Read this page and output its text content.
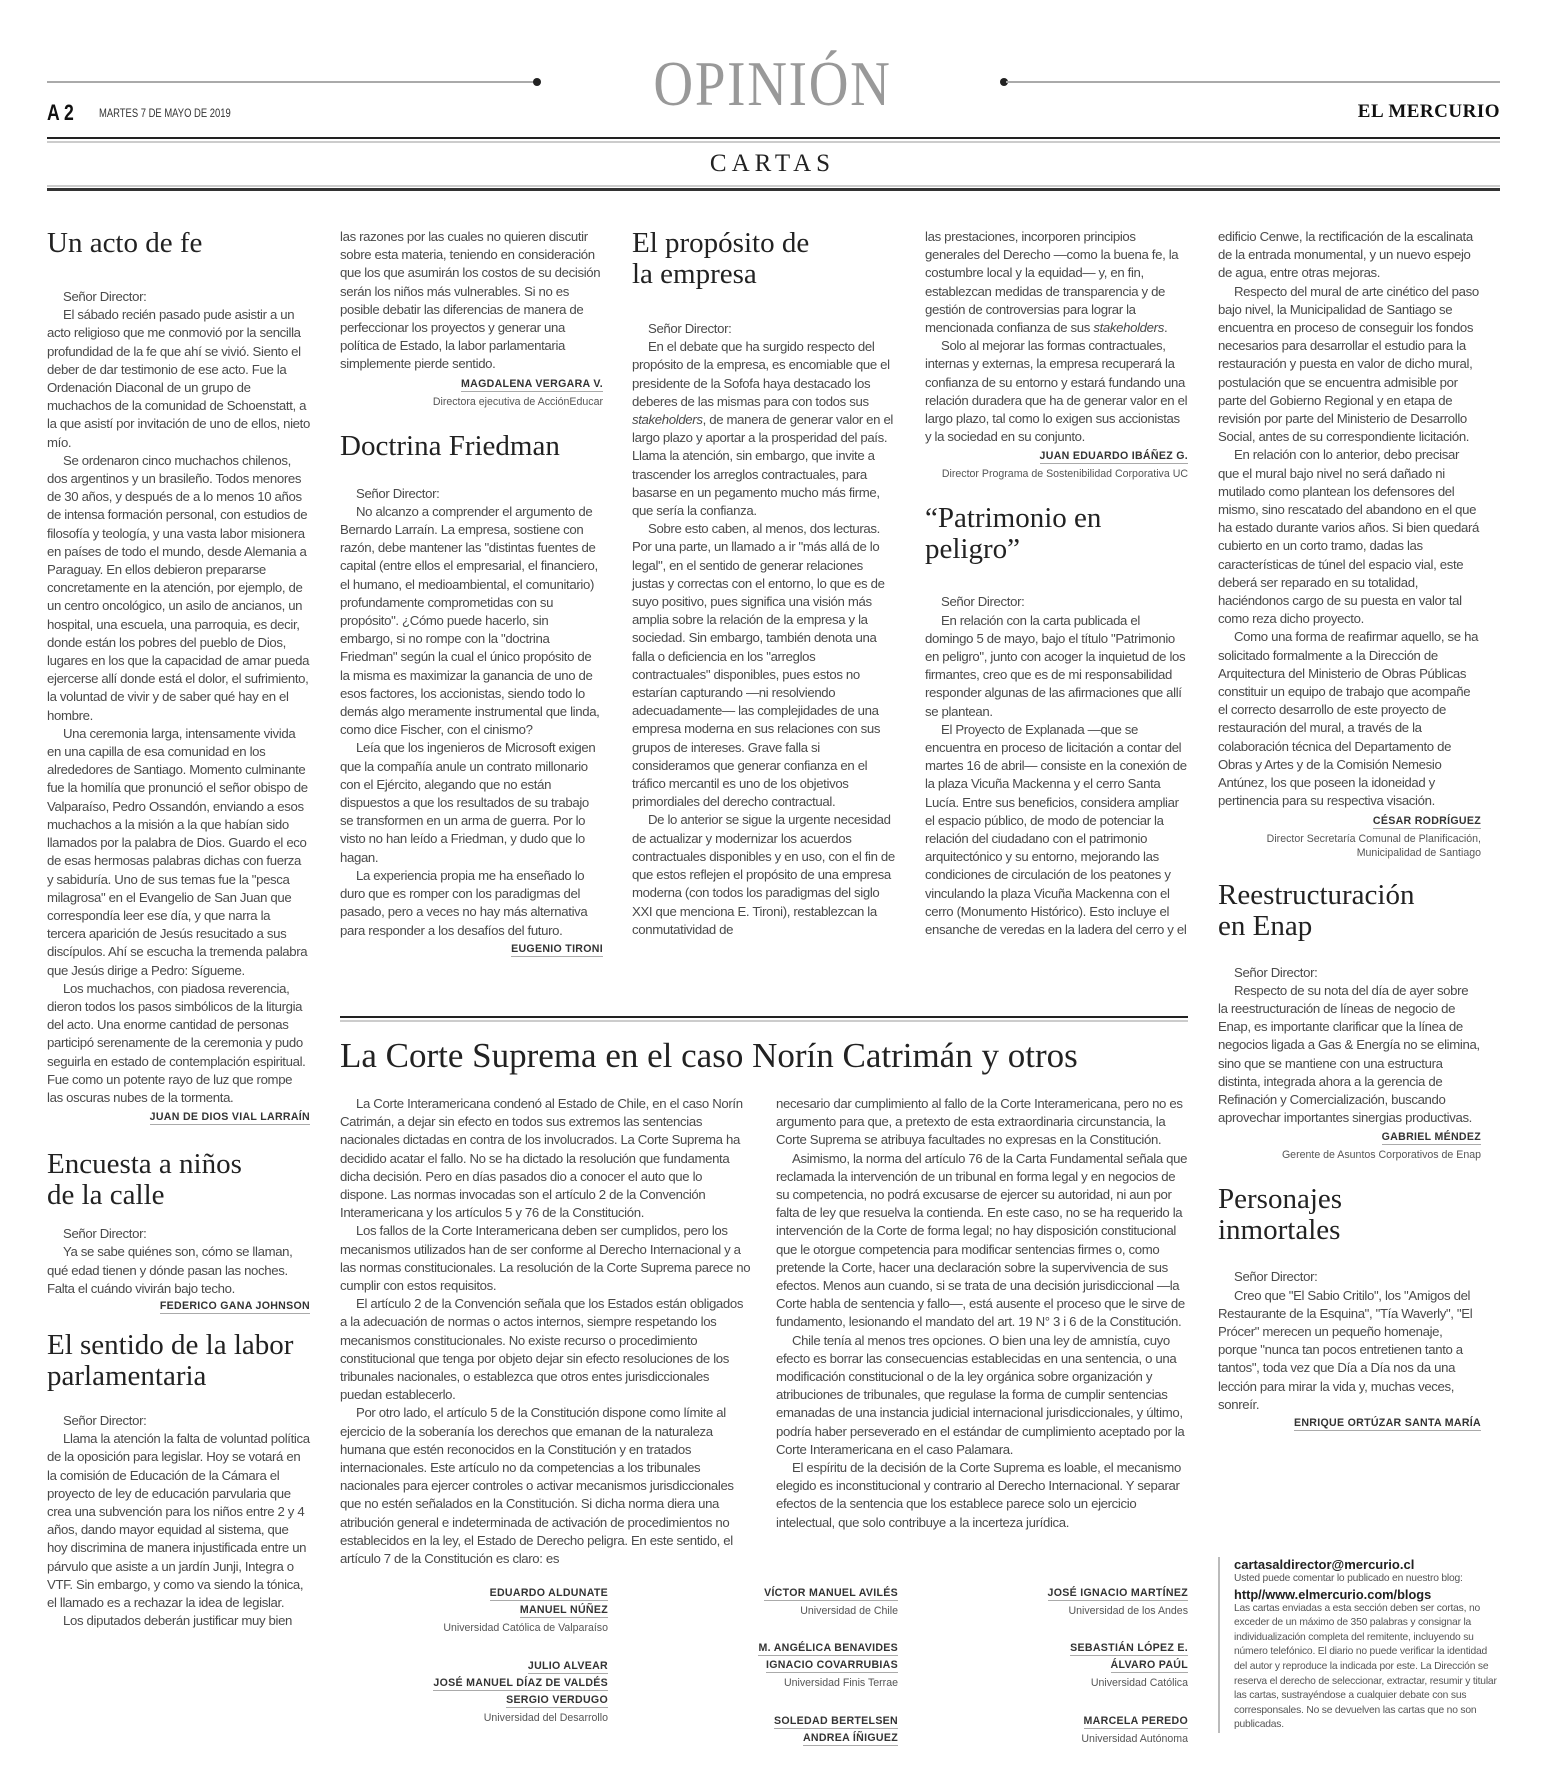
OPINIÓN
A 2 MARTES 7 DE MAYO DE 2019	EL MERCURIO
CARTAS
Un acto de fe

Señor Director:

El sábado recién pasado pude asistir a un acto religioso que me conmovió por la sencilla profundidad de la fe que ahí se vivió. Siento el deber de dar testimonio de ese acto. Fue la Ordenación Diaconal de un grupo de muchachos de la comunidad de Schoenstatt, a la que asistí por invitación de uno de ellos, nieto mío.

Se ordenaron cinco muchachos chilenos, dos argentinos y un brasileño. Todos menores de 30 años, y después de a lo menos 10 años de intensa formación personal, con estudios de filosofía y teología, y una vasta labor misionera en países de todo el mundo, desde Alemania a Paraguay. En ellos debieron prepararse concretamente en la atención, por ejemplo, de un centro oncológico, un asilo de ancianos, un hospital, una escuela, una parroquia, es decir, donde están los pobres del pueblo de Dios, lugares en los que la capacidad de amar pueda ejercerse allí donde está el dolor, el sufrimiento, la voluntad de vivir y de saber qué hay en el hombre.

Una ceremonia larga, intensamente vivida en una capilla de esa comunidad en los alrededores de Santiago. Momento culminante fue la homilía que pronunció el señor obispo de Valparaíso, Pedro Ossandón, enviando a esos muchachos a la misión a la que habían sido llamados por la palabra de Dios. Guardo el eco de esas hermosas palabras dichas con fuerza y sabiduría. Uno de sus temas fue la "pesca milagrosa" en el Evangelio de San Juan que correspondía leer ese día, y que narra la tercera aparición de Jesús resucitado a sus discípulos. Ahí se escucha la tremenda palabra que Jesús dirige a Pedro: Sígueme.

Los muchachos, con piadosa reverencia, dieron todos los pasos simbólicos de la liturgia del acto. Una enorme cantidad de personas participó serenamente de la ceremonia y pudo seguirla en estado de contemplación espiritual. Fue como un potente rayo de luz que rompe las oscuras nubes de la tormenta.

JUAN DE DIOS VIAL LARRAÍN
Encuesta a niños de la calle

Señor Director:

Ya se sabe quiénes son, cómo se llaman, qué edad tienen y dónde pasan las noches. Falta el cuándo vivirán bajo techo.

FEDERICO GANA JOHNSON
El sentido de la labor parlamentaria

Señor Director:

Llama la atención la falta de voluntad política de la oposición para legislar. Hoy se votará en la comisión de Educación de la Cámara el proyecto de ley de educación parvularia que crea una subvención para los niños entre 2 y 4 años, dando mayor equidad al sistema, que hoy discrimina de manera injustificada entre un párvulo que asiste a un jardín Junji, Integra o VTF. Sin embargo, y como va siendo la tónica, el llamado es a rechazar la idea de legislar.

Los diputados deberán justificar muy bien

las razones por las cuales no quieren discutir sobre esta materia, teniendo en consideración que los que asumirán los costos de su decisión serán los niños más vulnerables. Si no es posible debatir las diferencias de manera de perfeccionar los proyectos y generar una política de Estado, la labor parlamentaria simplemente pierde sentido.

MAGDALENA VERGARA V.
Directora ejecutiva de AcciónEducar
Doctrina Friedman

Señor Director:

No alcanzo a comprender el argumento de Bernardo Larraín. La empresa, sostiene con razón, debe mantener las "distintas fuentes de capital (entre ellos el empresarial, el financiero, el humano, el medioambiental, el comunitario) profundamente comprometidas con su propósito". ¿Cómo puede hacerlo, sin embargo, si no rompe con la "doctrina Friedman" según la cual el único propósito de la misma es maximizar la ganancia de uno de esos factores, los accionistas, siendo todo lo demás algo meramente instrumental que linda, como dice Fischer, con el cinismo?

Leía que los ingenieros de Microsoft exigen que la compañía anule un contrato millonario con el Ejército, alegando que no están dispuestos a que los resultados de su trabajo se transformen en un arma de guerra. Por lo visto no han leído a Friedman, y dudo que lo hagan.

La experiencia propia me ha enseñado lo duro que es romper con los paradigmas del pasado, pero a veces no hay más alternativa para responder a los desafíos del futuro.

EUGENIO TIRONI
El propósito de la empresa

Señor Director:

En el debate que ha surgido respecto del propósito de la empresa, es encomiable que el presidente de la Sofofa haya destacado los deberes de las mismas para con todos sus stakeholders, de manera de generar valor en el largo plazo y aportar a la prosperidad del país. Llama la atención, sin embargo, que invite a trascender los arreglos contractuales, para basarse en un pegamento mucho más firme, que sería la confianza.

Sobre esto caben, al menos, dos lecturas. Por una parte, un llamado a ir "más allá de lo legal", en el sentido de generar relaciones justas y correctas con el entorno, lo que es de suyo positivo, pues significa una visión más amplia sobre la relación de la empresa y la sociedad. Sin embargo, también denota una falla o deficiencia en los "arreglos contractuales" disponibles, pues estos no estarían capturando —ni resolviendo adecuadamente— las complejidades de una empresa moderna en sus relaciones con sus grupos de intereses. Grave falla si consideramos que generar confianza en el tráfico mercantil es uno de los objetivos primordiales del derecho contractual.

De lo anterior se sigue la urgente necesidad de actualizar y modernizar los acuerdos contractuales disponibles y en uso, con el fin de que estos reflejen el propósito de una empresa moderna (con todos los paradigmas del siglo XXI que menciona E. Tironi), restablezcan la conmutatividad de

las prestaciones, incorporen principios generales del Derecho —como la buena fe, la costumbre local y la equidad— y, en fin, establezcan medidas de transparencia y de gestión de controversias para lograr la mencionada confianza de sus stakeholders.

Solo al mejorar las formas contractuales, internas y externas, la empresa recuperará la confianza de su entorno y estará fundando una relación duradera que ha de generar valor en el largo plazo, tal como lo exigen sus accionistas y la sociedad en su conjunto.

JUAN EDUARDO IBÁÑEZ G.
Director Programa de Sostenibilidad Corporativa UC
“Patrimonio en peligro”

Señor Director:

En relación con la carta publicada el domingo 5 de mayo, bajo el título "Patrimonio en peligro", junto con acoger la inquietud de los firmantes, creo que es de mi responsabilidad responder algunas de las afirmaciones que allí se plantean.

El Proyecto de Explanada —que se encuentra en proceso de licitación a contar del martes 16 de abril— consiste en la conexión de la plaza Vicuña Mackenna y el cerro Santa Lucía. Entre sus beneficios, considera ampliar el espacio público, de modo de potenciar la relación del ciudadano con el patrimonio arquitectónico y su entorno, mejorando las condiciones de circulación de los peatones y vinculando la plaza Vicuña Mackenna con el cerro (Monumento Histórico). Esto incluye el ensanche de veredas en la ladera del cerro y el

edificio Cenwe, la rectificación de la escalinata de la entrada monumental, y un nuevo espejo de agua, entre otras mejoras.

Respecto del mural de arte cinético del paso bajo nivel, la Municipalidad de Santiago se encuentra en proceso de conseguir los fondos necesarios para desarrollar el estudio para la restauración y puesta en valor de dicho mural, postulación que se encuentra admisible por parte del Gobierno Regional y en etapa de revisión por parte del Ministerio de Desarrollo Social, antes de su correspondiente licitación.

En relación con lo anterior, debo precisar que el mural bajo nivel no será dañado ni mutilado como plantean los defensores del mismo, sino rescatado del abandono en el que ha estado durante varios años. Si bien quedará cubierto en un corto tramo, dadas las características de túnel del espacio vial, este deberá ser reparado en su totalidad, haciéndonos cargo de su puesta en valor tal como reza dicho proyecto.

Como una forma de reafirmar aquello, se ha solicitado formalmente a la Dirección de Arquitectura del Ministerio de Obras Públicas constituir un equipo de trabajo que acompañe el correcto desarrollo de este proyecto de restauración del mural, a través de la colaboración técnica del Departamento de Obras y Artes y de la Comisión Nemesio Antúnez, los que poseen la idoneidad y pertinencia para su respectiva visación.

CÉSAR RODRÍGUEZ
Director Secretaría Comunal de Planificación,
Municipalidad de Santiago
Reestructuración en Enap

Señor Director:

Respecto de su nota del día de ayer sobre la reestructuración de líneas de negocio de Enap, es importante clarificar que la línea de negocios ligada a Gas & Energía no se elimina, sino que se mantiene con una estructura distinta, integrada ahora a la gerencia de Refinación y Comercialización, buscando aprovechar importantes sinergias productivas.

GABRIEL MÉNDEZ
Gerente de Asuntos Corporativos de Enap
Personajes inmortales

Señor Director:

Creo que "El Sabio Critilo", los "Amigos del Restaurante de la Esquina", "Tía Waverly", "El Prócer" merecen un pequeño homenaje, porque "nunca tan pocos entretienen tanto a tantos", toda vez que Día a Día nos da una lección para mirar la vida y, muchas veces, sonreír.

ENRIQUE ORTÚZAR SANTA MARÍA
cartasaldirector@mercurio.cl
Usted puede comentar lo publicado en nuestro blog:
http//www.elmercurio.com/blogs
Las cartas enviadas a esta sección deben ser cortas, no exceder de un máximo de 350 palabras y consignar la individualización completa del remitente, incluyendo su número telefónico. El diario no puede verificar la identidad del autor y reproduce la indicada por este. La Dirección se reserva el derecho de seleccionar, extractar, resumir y titular las cartas, sustrayéndose a cualquier debate con sus corresponsales. No se devuelven las cartas que no son publicadas.
La Corte Suprema en el caso Norín Catrimán y otros

La Corte Interamericana condenó al Estado de Chile, en el caso Norín Catrimán, a dejar sin efecto en todos sus extremos las sentencias nacionales dictadas en contra de los involucrados. La Corte Suprema ha decidido acatar el fallo. No se ha dictado la resolución que fundamenta dicha decisión. Pero en días pasados dio a conocer el auto que lo dispone. Las normas invocadas son el artículo 2 de la Convención Interamericana y los artículos 5 y 76 de la Constitución.

Los fallos de la Corte Interamericana deben ser cumplidos, pero los mecanismos utilizados han de ser conforme al Derecho Internacional y a las normas constitucionales. La resolución de la Corte Suprema parece no cumplir con estos requisitos.

El artículo 2 de la Convención señala que los Estados están obligados a la adecuación de normas o actos internos, siempre respetando los mecanismos constitucionales. No existe recurso o procedimiento constitucional que tenga por objeto dejar sin efecto resoluciones de los tribunales nacionales, o establezca que otros entes jurisdiccionales puedan establecerlo.

Por otro lado, el artículo 5 de la Constitución dispone como límite al ejercicio de la soberanía los derechos que emanan de la naturaleza humana que estén reconocidos en la Constitución y en tratados internacionales. Este artículo no da competencias a los tribunales nacionales para ejercer controles o activar mecanismos jurisdiccionales que no estén señalados en la Constitución. Si dicha norma diera una atribución general e indeterminada de activación de procedimientos no establecidos en la ley, el Estado de Derecho peligra. En este sentido, el artículo 7 de la Constitución es claro: es

necesario dar cumplimiento al fallo de la Corte Interamericana, pero no es argumento para que, a pretexto de esta extraordinaria circunstancia, la Corte Suprema se atribuya facultades no expresas en la Constitución.

Asimismo, la norma del artículo 76 de la Carta Fundamental señala que reclamada la intervención de un tribunal en forma legal y en negocios de su competencia, no podrá excusarse de ejercer su autoridad, ni aun por falta de ley que resuelva la contienda. En este caso, no se ha requerido la intervención de la Corte de forma legal; no hay disposición constitucional que le otorgue competencia para modificar sentencias firmes o, como pretende la Corte, hacer una declaración sobre la supervivencia de sus efectos. Menos aun cuando, si se trata de una decisión jurisdiccional —la Corte habla de sentencia y fallo—, está ausente el proceso que le sirve de fundamento, lesionando el mandato del art. 19 N° 3 i 6 de la Constitución.

Chile tenía al menos tres opciones. O bien una ley de amnistía, cuyo efecto es borrar las consecuencias establecidas en una sentencia, o una modificación constitucional o de la ley orgánica sobre organización y atribuciones de tribunales, que regulase la forma de cumplir sentencias emanadas de una instancia judicial internacional jurisdiccionales, y último, podría haber perseverado en el estándar de cumplimiento aceptado por la Corte Interamericana en el caso Palamara.

El espíritu de la decisión de la Corte Suprema es loable, el mecanismo elegido es inconstitucional y contrario al Derecho Internacional. Y separar efectos de la sentencia que los establece parece solo un ejercicio intelectual, que solo contribuye a la incerteza jurídica.

EDUARDO ALDUNATE
MANUEL NÚÑEZ
Universidad Católica de Valparaíso
JULIO ALVEAR
JOSÉ MANUEL DÍAZ DE VALDÉS
SERGIO VERDUGO
Universidad del Desarrollo
VÍCTOR MANUEL AVILÉS
Universidad de Chile
M. ANGÉLICA BENAVIDES
IGNACIO COVARRUBIAS
Universidad Finis Terrae
SOLEDAD BERTELSEN
ANDREA ÍÑIGUEZ
JOSÉ IGNACIO MARTÍNEZ
Universidad de los Andes
SEBASTIÁN LÓPEZ E.
ÁLVARO PAÚL
Universidad Católica
MARCELA PEREDO
Universidad Autónoma
